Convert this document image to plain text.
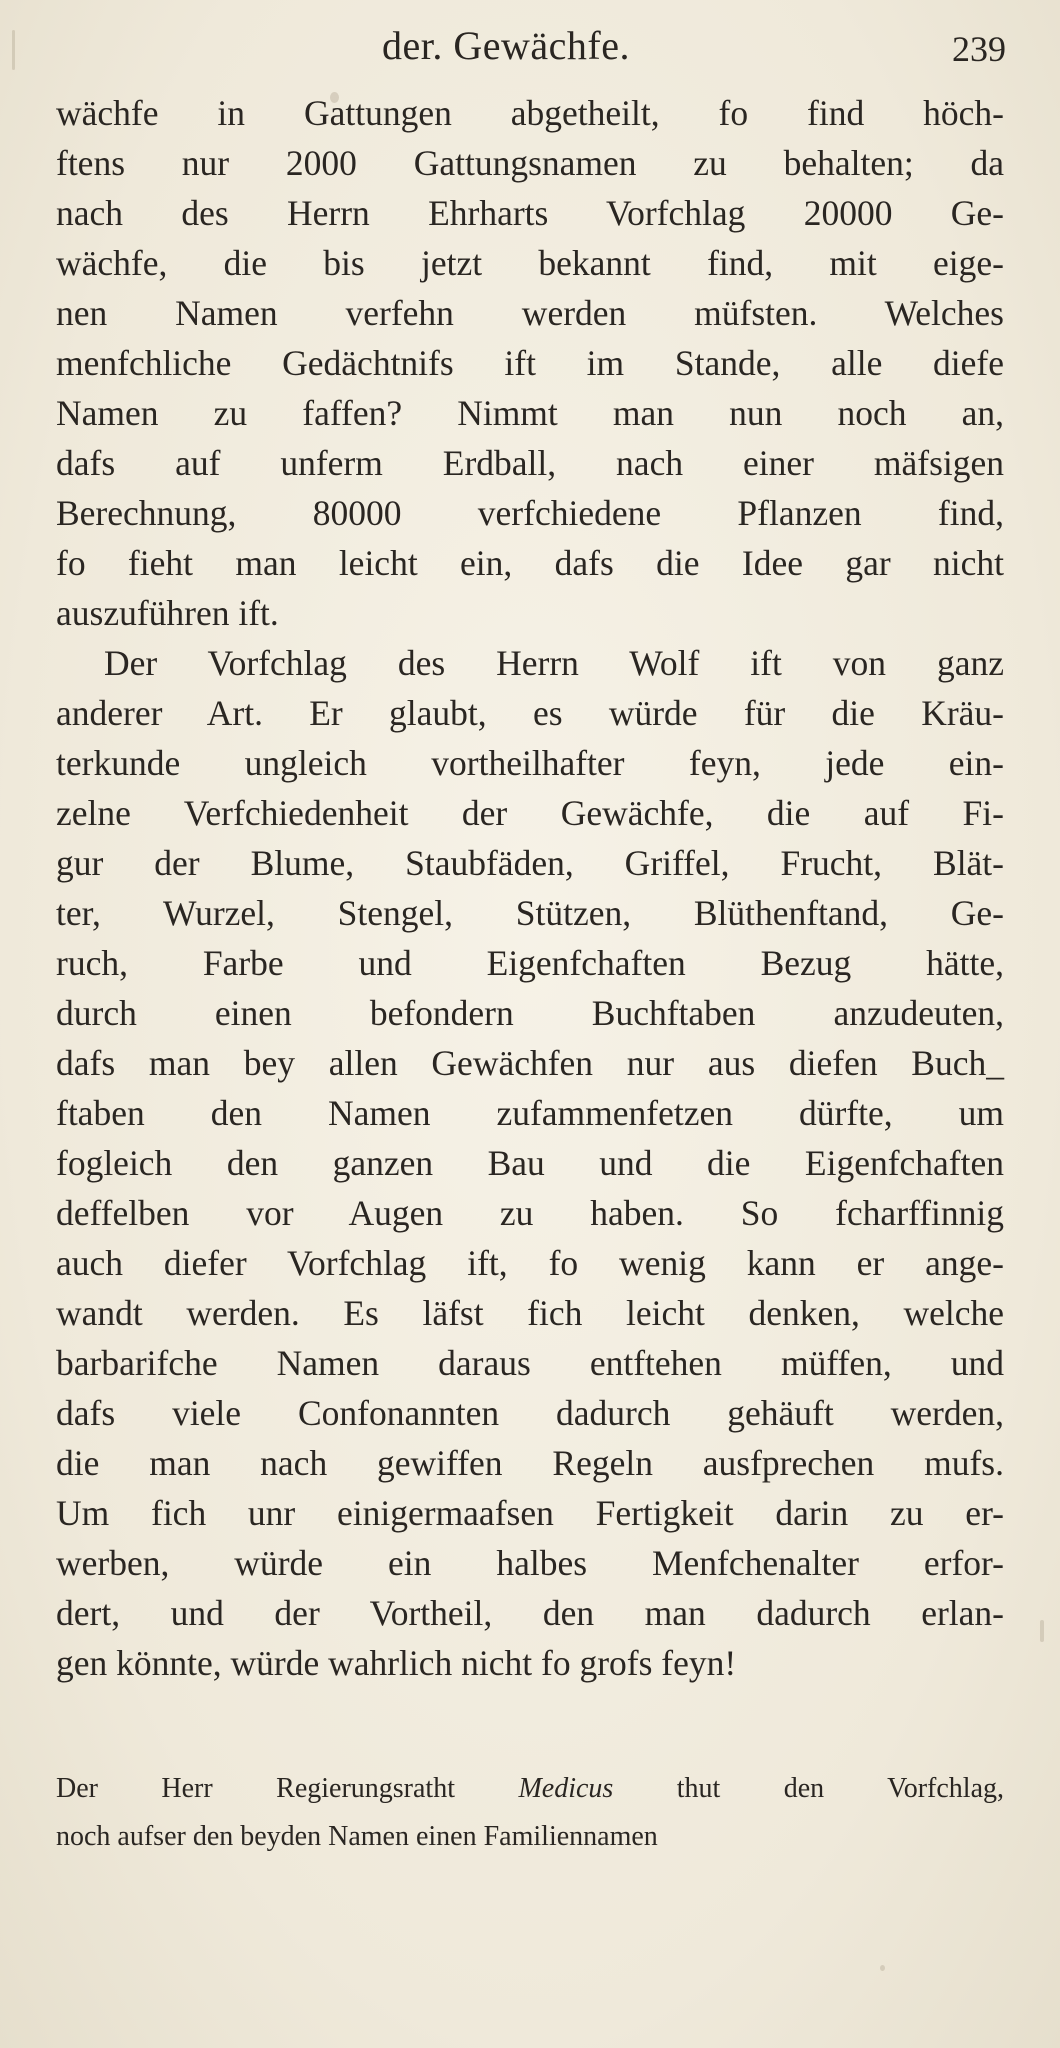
der. Gewächfe.	239
wächfe in Gattungen abgetheilt, fo find höch-
ftens nur 2000 Gattungsnamen zu behalten; da
nach des Herrn Ehrharts Vorfchlag 20000 Ge-
wächfe, die bis jetzt bekannt find, mit eige-
nen Namen verfehn werden müfsten. Welches
menfchliche Gedächtnifs ift im Stande, alle diefe
Namen zu faffen? Nimmt man nun noch an,
dafs auf unferm Erdball, nach einer mäfsigen
Berechnung, 80000 verfchiedene Pflanzen find,
fo fieht man leicht ein, dafs die Idee gar nicht
auszuführen ift.
Der Vorfchlag des Herrn Wolf ift von ganz
anderer Art. Er glaubt, es würde für die Kräu-
terkunde ungleich vortheilhafter feyn, jede ein-
zelne Verfchiedenheit der Gewächfe, die auf Fi-
gur der Blume, Staubfäden, Griffel, Frucht, Blät-
ter, Wurzel, Stengel, Stützen, Blüthenftand, Ge-
ruch, Farbe und Eigenfchaften Bezug hätte,
durch einen befondern Buchftaben anzudeuten,
dafs man bey allen Gewächfen nur aus diefen Buch_
ftaben den Namen zufammenfetzen dürfte, um
fogleich den ganzen Bau und die Eigenfchaften
deffelben vor Augen zu haben. So fcharffinnig
auch diefer Vorfchlag ift, fo wenig kann er ange-
wandt werden. Es läfst fich leicht denken, welche
barbarifche Namen daraus entftehen müffen, und
dafs viele Confonannten dadurch gehäuft werden,
die man nach gewiffen Regeln ausfprechen mufs.
Um fich unr einigermaafsen Fertigkeit darin zu er-
werben, würde ein halbes Menfchenalter erfor-
dert, und der Vortheil, den man dadurch erlan-
gen könnte, würde wahrlich nicht fo grofs feyn!
Der Herr Regierungsratht Medicus thut den Vorfchlag,
noch aufser den beyden Namen einen Familiennamen
